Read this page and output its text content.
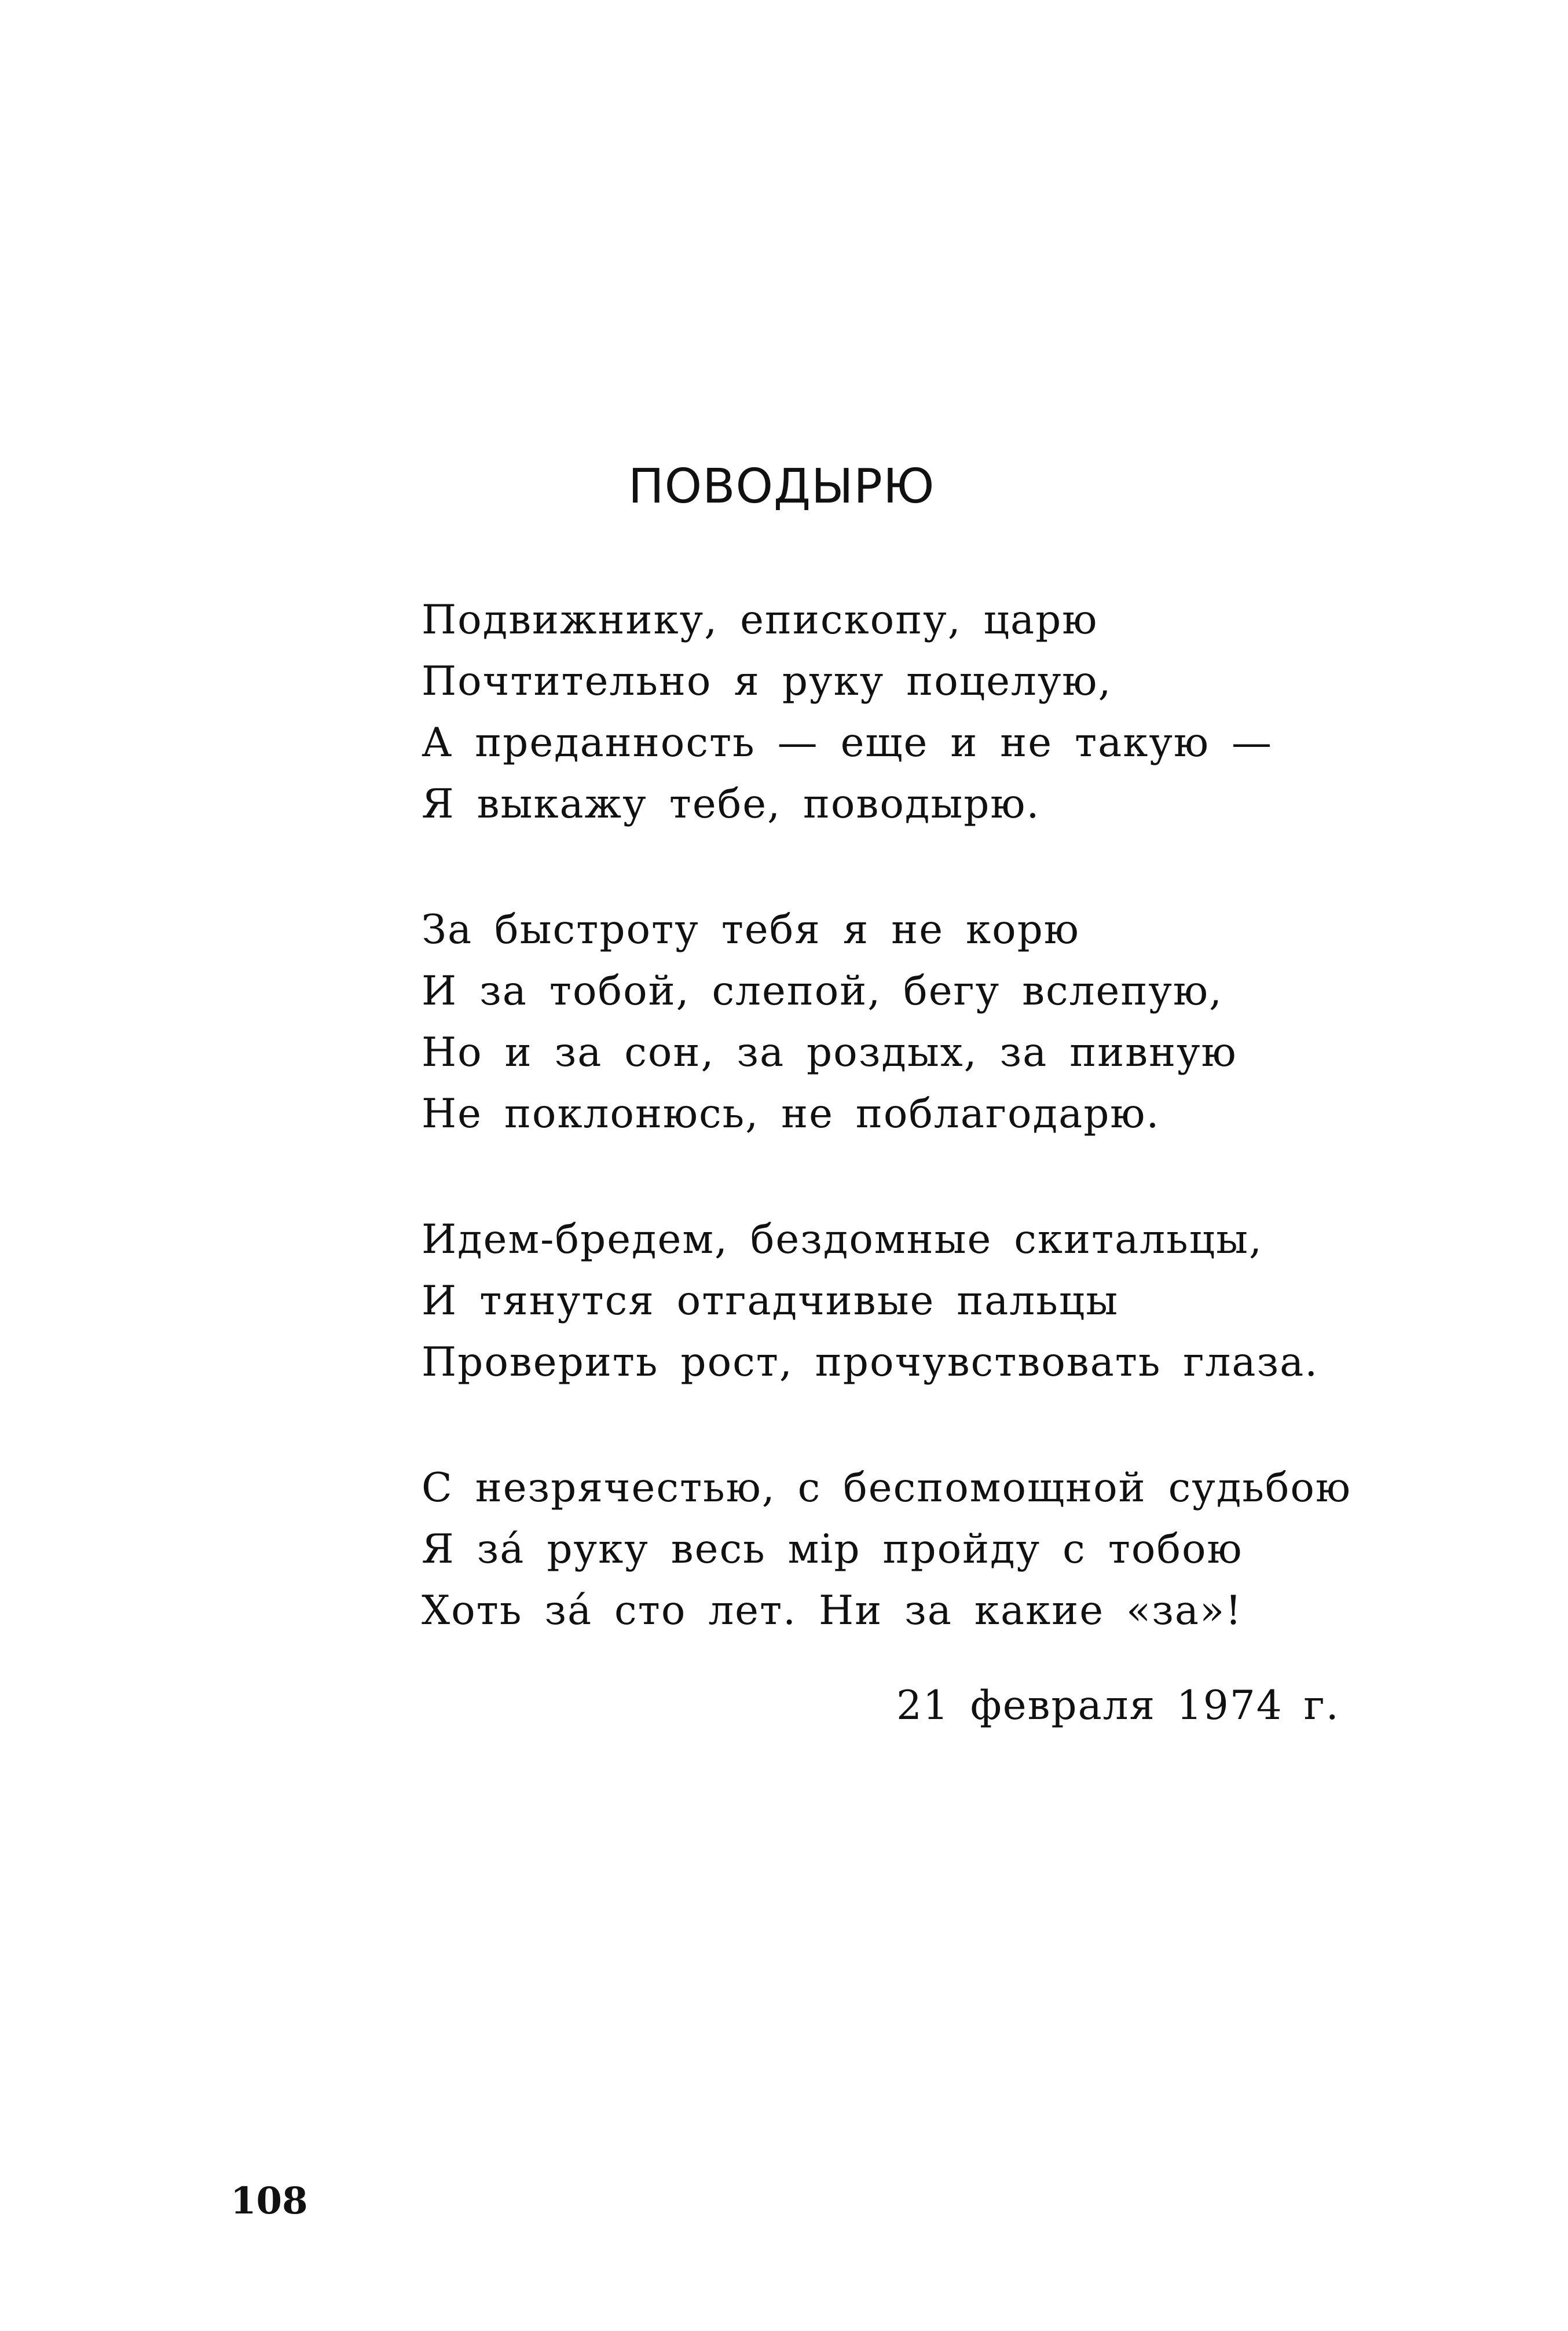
ПОВОДЫРЮ
Подвижнику, епископу, царю
Почтительно я руку поцелую,
А преданность — еще и не такую —
Я выкажу тебе, поводырю.
За быстроту тебя я не корю
И за тобой, слепой, бегу вслепую,
Но и за сон, за роздых, за пивную
Не поклонюсь, не поблагодарю.
Идем-бредем, бездомные скитальцы,
И тянутся отгадчивые пальцы
Проверить рост, прочувствовать глаза.
С незрячестью, с беспомощной судьбою
Я зá руку весь мiр пройду с тобою
Хоть зá сто лет. Ни за какие «за»!
21 февраля 1974 г.
108
